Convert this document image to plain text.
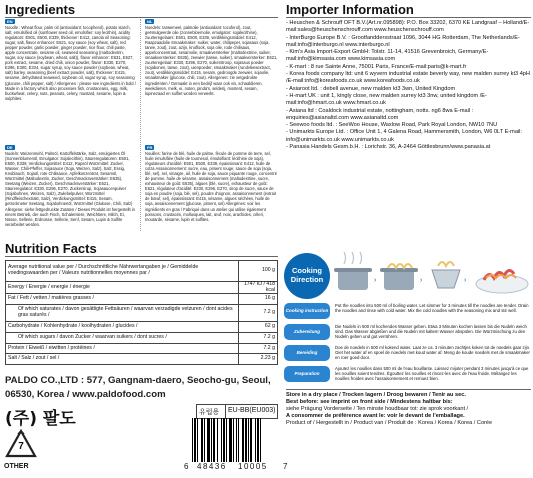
Ingredients
EN
Noodle : Wheat flour, palm oil (antioxidant: tocopherol), potato starch, salt, emulsified oil (sunflower seed oil, emulsifier: soy lecithin), acidity regulators: E501, E500, E339, thickener: E412, canola oil Seasoning: sugar, salt, flavor enhancer: E621, soy sauce (soy wheat, salt), red pepper powder, garlic powder, ginger powder, rice flour, chili paste, apple concentrate, sesame oil, seaweed seasoning (maltodextrin, sugar, soy sauce (soybean, wheat, salt)), flavor enhancer: E631, E627, pork extract, sesame, dried chili, onion powder, flavor: E330, E270, E296, E300, E334, sugar syrup, soy sauce powder (soybean, wheat, salt) barley, seasoning (beef extract powder, salt), thickener: E415, sesame, dehydrated seaweed, soybean oil, sugar syrup, soy seasoning (glucose, chili pepper, salt) / Allergenes : please see ingredients in bold / Made in a factory which also processes fish, crustaceans, egg, milk, buckwheat, celery, nuts, peanuts, celery, mustard, sesame, lupin & sulphites.
NL
Noedels: tarwemeel, palmolie (antioxidant: tocoferol), zout, geëmulgeerde olie (zonnebloemolie, emulgator: sojalecithine), zuurteregelaars: E501, E500, E339, verdikkingsmiddel: E412, Raapzaadolie Smaakmaker: suiker, water, chilipeper, sojasaus (soja, tarwe, zout), zout, azijn, knoflook, soja olie, rode chilisaus, appelconcentraat, sesamolie, smaakversterker (maltodextrine, suiker, smaakversterker: E635), zeewier (tarwe, suiker), smaakversterker: E621, zuurteregelaar: E330, E296, E270, suikerstroop, sojasaus poeder (sojabonen, tarwe, zout), uienpoeder, smaakmaker (rundvleesextract, zout), verdikkingsmiddel: E415, sesam, gedroogde zeewier, sojaolie, smaakmaker (glucose, chili, zout). Allergenen: zie vetgedrukte ingrediënten / Gemaakt in een bedrijf waar ook vis, schaaldieren, weekdieren, melk, ei, noten, pinda's, selderij, mosterd, sesam, lupinezaad en sulfiet worden verwerkt.
DE
Nudeln: Weizenmehl, Palmöl, Kartoffelstärke, Salz, emulgiertes Öl (Sonnenblumenöl, Emulgator: Sojalecithin), Säureregulatoren: E501, E500, E339, Verdickungsmittel: E412, Rapsöl Würzmittel: Zucker, Wasser, Chili-Pfeffer, Sojasauce (Soja, Weizen, Salz), Salz, Essig, Knoblauch, Sojaöl, rote Chilisauce, Apfelkonzentrat, Sesamöl, Würzmittel (Maltodextrin, Zucker, Geschmacksverstärker: E635), Seetang (Weizen, Zucker), Geschmacksverstärker: E621, Säureregulator: E330, E296, E270, Zuckersirup, Sojasaucenpulver (Sojabohnen, Weizen, Salz), Zwiebelpulver, Würzmittel (Rindfleischextrakt, Salz), Verdickungsmittel: E415, Sesam, getrockneter Seetang, Sojabohnenöl, Würzmittel (Glukose, Chili, Salz) Allergene: siehe fettgedruckte Zutaten / Dieses Produkt ist hergestellt in einem Betrieb, der auch Fisch, Schalentiere, Weichtiere, Milch, Ei, Nüsse, Sellerie, Erdnüsse, Sellerie, Senf, Sesam, Lupin & Sulfite verarbeitet werden.
FR
Nouilles: farine de blé, huile de palme, fécule de pomme de terre, sel, huile émulsifiée (huile de tournesol, émulsifiant: lécithine de soja), régulateurs d'acidité: E501, E500, E339, épaississant: E412, huile de colza Assaisonnement: sucre, eau, piment rouge, sauce de soja (soja, blé, sel), sel, vinaigre, ail, huile de soja, sauce piquante rouge, concentré de pomme, huile de sésame, assaisonnement (maltodextrine, sucre, exhausteur de goût: E635), algues (blé, sucre), exhausteur de goût: E621, régulateur d'acidité: E330, E296, E270, sirop de sucre, sauce de soja en poudre (soja, blé, sel), poudre d'oignon, assaisonnement (extrait de bœuf, sel), épaississant: E415, sésame, algues séchées, huile de soja, assaisonnement (glucose, piment, sel) Allergènes: voir les ingrédients en gras / Fabriqué dans un atelier qui utilise également poissons, crustacés, mollusques, lait, œuf, noix, arachides, céleri, moutarde, sésame, lupin et sulfites.
Importer Information
- Heuschen & Schrouff OFT B.V.(Art.nr.095898): P.O. Box 33202, 6370 KE Landgraaf – Holland/E-mail:sales@heuschenschrouff.com www.heuschenschrouff.com
- InterBurgo Europe B.V. : Grootfanddersstraat 1096, 3044 HG Rotterdam, The Netherlands/E-mail:info@interburgo.nl www.interburgo.nl
- Kim's Asia Import-Export GmbH: Tolstr. 11-14, 41516 Grevenbroich, Germany/E-mail:info@kimsasia.com www.kimsasia.com
- K-mart : 8 rue Sainte Anne, 75001 Paris, France/E-mail:paris@k-mart.fr
- Korea foods company ltd: unit 6 wyvern industrial estate beverly way, new malden surrey kt3 4pH /E-mail:info@koreafoods.co.uk www.koreafoods.co.uk
- Asiaroot ltd. : debell avenue, new malden kt3 3wn, United Kingdom
- H-mart UK : unit 1, kingly close, new malden surrey kt3 3nw, united kingdom /E-mail:info@hmart.co.uk www.hmart.co.uk
- Asiana ltd : Coaldock industrial estate, nottingham, notts. ng6 8wa E-mail : enquiries@asianaltd.com www.asianaltd.com
- Seewoo foods ltd. : SeeWoo House, Waxlow Road, Park Royal London, NW10 7NU
- Unimarkts Europe Ltd. : Office Unit 1, 4 Galena Road, Hammersmith, London, W6 0LT E-mail: info@unimarkts.co.uk www.unimarkts.co.uk
- Panasia Handels Gesm.b.H. : Lorichstr. 36, A-2464 Göttlesbrunn/www.panasia.at
Nutrition Facts
Average nutritional value per / Durchschnittliche Nährwertangaben je / Gemiddelde voedingswaarden per / Valeurs nutritionnelles moyennes par /	100 g
Energy / Energie / energie / énergie	1747 kJ / 418 kcal
Fat / Fett / vetten / matières grasses /	16 g
Of which saturates / davon gesättigte Fettsäuren / waarvan verzadigde vetzuren / dont acides gras saturés /	7.2 g
Carbohydrate / Kohlenhydrate / koolhydraten / glucides /	62 g
Of which sugars / davon Zucker / waarvan suikers / dont sucres /	7.2 g
Protein / Eiweiß / eiwitten / protéines /	7.2 g
Salt / Salz / zout / sel /	2.23 g
PALDO CO.,LTD : 577, Gangnam-daero, Seocho-gu, Seoul,
06530, Korea / www.paldofood.com
(주) 팔도
7
OTHER
유럽용 EU-BB(EU003)
6 48436 10005 7
Cooking
Direction	›	›	›
Cooking instruction
Put the noodles into 500 ml of boiling water. Let simmer for 3 minutes till the noodles are tender. Drain the noodles and rinse with cold water. Mix the cold noodles with the seasoning mix and stir well.
Zubereitung
Die Nudeln in 500 ml kochendes Wasser geben. Etwa 3 Minuten kochen lassen bis die Nudeln weich sind. Das Wasser abgießen und die Nudeln mit kaltem Wasser abspülen. Die Würzmischung zu den Nudeln geben und gut verrühren.
Bereiding
Doe de noedels in 500 ml kokend water. Laat ze ca. 3 minuten zachtjes koken tot de noedels gaar zijn. Giet het water af en spoel de noedels met koud water af. Meng de koude noedels met de smaakmaker en roer goed door.
Preparation
Ajoutez les nouilles dans 500 ml de l'eau bouillante. Laissez mijoter pendant 3 minutes jusqu'à ce que les nouilles soient tendres. Égouttez les nouilles et rincez-les avec de l'eau froide. Mélangez les nouilles froides avec l'assaisonnement et remuez bien.
Store in a dry place / Trocken lagern / Droog bewaren / Tenir au sec.
Best before: see imprint on front side / Mindestens haltbar bis:
siehe Prägung Vorderseite / Ten minste houdbaar tot: zie sprok voorkant /
A consommer de préférence avant le: voir le devant de l'emballage.
Product of / Hergestellt in / Product van / Produit de : Korea / Korea / Korea / Corée
